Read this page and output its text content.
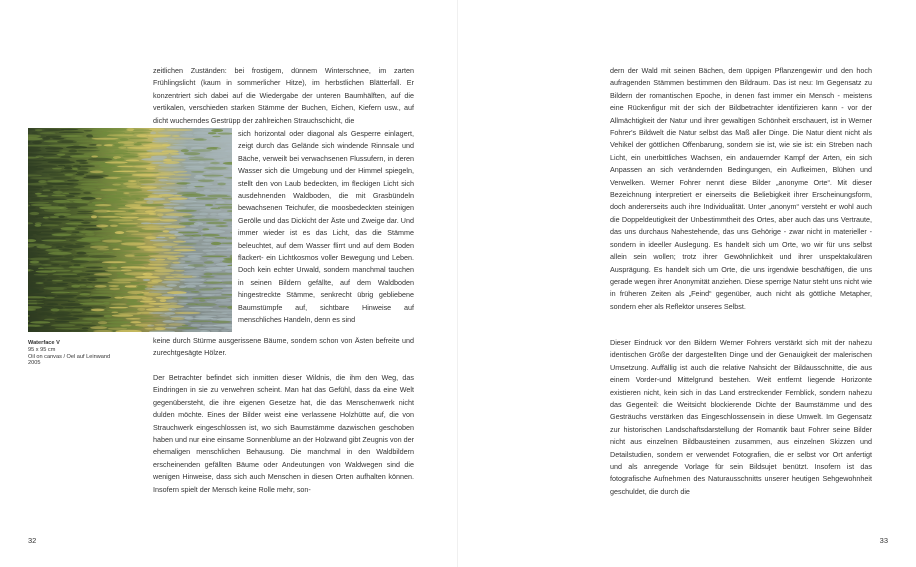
zeitlichen Zuständen: bei frostigem, dünnem Winterschnee, im zarten Frühlingslicht (kaum in sommerlicher Hitze), im herbstlichen Blätterfall. Er konzentriert sich dabei auf die Wiedergabe der unteren Baumhälften, auf die vertikalen, verschieden starken Stämme der Buchen, Eichen, Kiefern usw., auf dicht wucherndes Gestrüpp der zahlreichen Strauchschicht, die

sich horizontal oder diagonal als Gesperre einlagert, zeigt durch das Gelände sich windende Rinnsale und Bäche, verweilt bei verwachsenen Flussufern, in deren Wasser sich die Umgebung und der Himmel spiegeln, stellt den von Laub bedeckten, im fleckigen Licht sich ausdehnenden Waldboden, die mit Grasbündeln bewachsenen Teichufer, die moosbedeckten steinigen Gerölle und das Dickicht der Äste und Zweige dar. Und immer wieder ist es das Licht, das die Stämme beleuchtet, auf dem Wasser flirrt und auf dem Boden flackert- ein Lichtkosmos voller Bewegung und Leben. Doch kein echter Urwald, sondern manchmal tauchen in seinen Bildern gefällte, auf dem Waldboden hingestreckte Stämme, senkrecht übrig gebliebene Baumstümpfe auf, sichtbare Hinweise auf menschliches Handeln, denn es sind

keine durch Stürme ausgerissene Bäume, sondern schon von Ästen befreite und zurechtgesägte Hölzer.

Der Betrachter befindet sich inmitten dieser Wildnis, die ihm den Weg, das Eindringen in sie zu verwehren scheint. Man hat das Gefühl, dass da eine Welt gegenübersteht, die ihre eigenen Gesetze hat, die das Menschenwerk nicht dulden möchte. Eines der Bilder weist eine verlassene Holzhütte auf, die von Strauchwerk eingeschlossen ist, wo sich Baumstämme dazwischen geschoben haben und nur eine einsame Sonnenblume an der Holzwand gibt Zeugnis von der ehemaligen menschlichen Behausung. Die manchmal in den Waldbildern erscheinenden gefällten Bäume oder Andeutungen von Waldwegen sind die wenigen Hinweise, dass sich auch Menschen in diesen Orten aufhalten können. Insofern spielt der Mensch keine Rolle mehr, son-

Waterface V
95 x 95 cm
Oil on canvas / Oel auf Leinwand
2005
32

dern der Wald mit seinen Bächen, dem üppigen Pflanzengewirr und den hoch aufragenden Stämmen bestimmen den Bildraum. Das ist neu: Im Gegensatz zu Bildern der romantischen Epoche, in denen fast immer ein Mensch - meistens eine Rückenfigur mit der sich der Bildbetrachter identifizieren kann - vor der Allmächtigkeit der Natur und ihrer gewaltigen Schönheit erschauert, ist in Werner Fohrer's Bildwelt die Natur selbst das Maß aller Dinge. Die Natur dient nicht als Vehikel der göttlichen Offenbarung, sondern sie ist, wie sie ist: ein Streben nach Licht, ein unerbittliches Wachsen, ein andauernder Kampf der Arten, ein sich Anpassen an sich verändernden Bedingungen, ein Aufkeimen, Blühen und Verwelken. Werner Fohrer nennt diese Bilder „anonyme Orte“. Mit dieser Bezeichnung interpretiert er einerseits die Beliebigkeit ihrer Erscheinungsform, doch andererseits auch ihre Individualität. Unter „anonym“ versteht er wohl auch die Doppeldeutigkeit der Unbestimmtheit des Ortes, aber auch das uns Vertraute, das uns durchaus Nahestehende, das uns Gehörige - zwar nicht in materieller - sondern in ideeller Auslegung. Es handelt sich um Orte, wo wir für uns selbst allein sein wollen; trotz ihrer Gewöhnlichkeit und ihrer unspektakulären Ausprägung. Es handelt sich um Orte, die uns irgendwie beschäftigen, die uns gerade wegen ihrer Anonymität anziehen. Diese sperrige Natur steht uns nicht wie in früheren Zeiten als „Feind“ gegenüber, auch nicht als göttliche Metapher, sondern eher als Reflektor unseres Selbst.

Dieser Eindruck vor den Bildern Werner Fohrers verstärkt sich mit der nahezu identischen Größe der dargestellten Dinge und der Genauigkeit der malerischen Umsetzung. Auffällig ist auch die relative Nahsicht der Bildausschnitte, die aus einem Vorder-und Mittelgrund bestehen. Weit entfernt liegende Horizonte existieren nicht, kein sich in das Land erstreckender Fernblick, sondern nahezu das Gegenteil: die Weitsicht blockierende Dichte der Baumstämme und des Gesträuchs verstärken das Eingeschlossensein in diese Umwelt. Im Gegensatz zur historischen Landschaftsdarstellung der Romantik baut Fohrer seine Bilder nicht aus einzelnen Bildbausteinen zusammen, aus einzelnen Skizzen und Detailstudien, sondern er verwendet Fotografien, die er selbst vor Ort anfertigt und als anregende Vorlage für sein Bildsujet benützt. Insofern ist das fotografische Aufnehmen des Naturausschnitts unserer heutigen Sehgewohnheit geschuldet, die durch die

33
